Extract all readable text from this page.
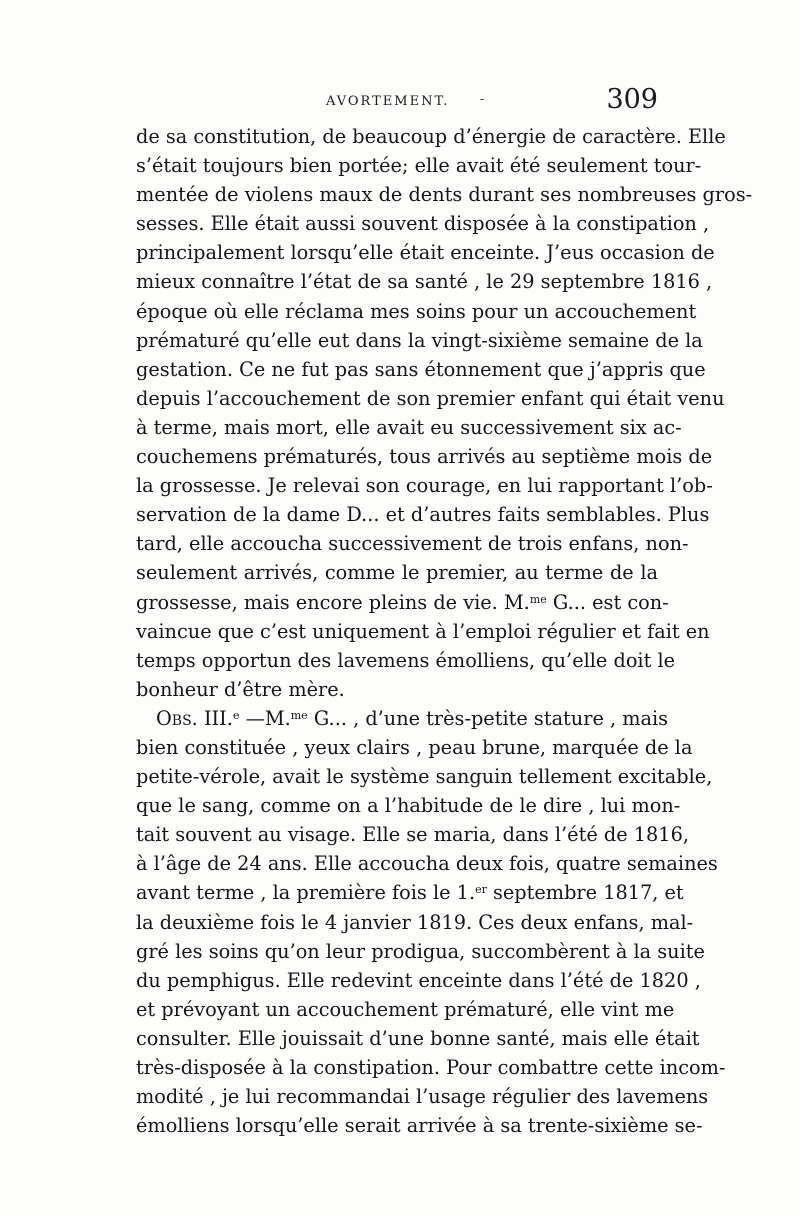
AVORTEMENT.	-	309
de sa constitution, de beaucoup d’énergie de caractère. Elle
s’était toujours bien portée; elle avait été seulement tour-
mentée de violens maux de dents durant ses nombreuses gros-
sesses. Elle était aussi souvent disposée à la constipation ,
principalement lorsqu’elle était enceinte. J’eus occasion de
mieux connaître l’état de sa santé , le 29 septembre 1816 ,
époque où elle réclama mes soins pour un accouchement
prématuré qu’elle eut dans la vingt-sixième semaine de la
gestation. Ce ne fut pas sans étonnement que j’appris que
depuis l’accouchement de son premier enfant qui était venu
à terme, mais mort, elle avait eu successivement six ac-
couchemens prématurés, tous arrivés au septième mois de
la grossesse. Je relevai son courage, en lui rapportant l’ob-
servation de la dame D... et d’autres faits semblables. Plus
tard, elle accoucha successivement de trois enfans, non-
seulement arrivés, comme le premier, au terme de la
grossesse, mais encore pleins de vie. M.$^{me}$ G... est con-
vaincue que c’est uniquement à l’emploi régulier et fait en
temps opportun des lavemens émolliens, qu’elle doit le
bonheur d’être mère.
Obs. III.$^e$ —M.$^{me}$ G... , d’une très-petite stature , mais
bien constituée , yeux clairs , peau brune, marquée de la
petite-vérole, avait le système sanguin tellement excitable,
que le sang, comme on a l’habitude de le dire , lui mon-
tait souvent au visage. Elle se maria, dans l’été de 1816,
à l’âge de 24 ans. Elle accoucha deux fois, quatre semaines
avant terme , la première fois le 1.$^{er}$ septembre 1817, et
la deuxième fois le 4 janvier 1819. Ces deux enfans, mal-
gré les soins qu’on leur prodigua, succombèrent à la suite
du pemphigus. Elle redevint enceinte dans l’été de 1820 ,
et prévoyant un accouchement prématuré, elle vint me
consulter. Elle jouissait d’une bonne santé, mais elle était
très-disposée à la constipation. Pour combattre cette incom-
modité , je lui recommandai l’usage régulier des lavemens
émolliens lorsqu’elle serait arrivée à sa trente-sixième se-
